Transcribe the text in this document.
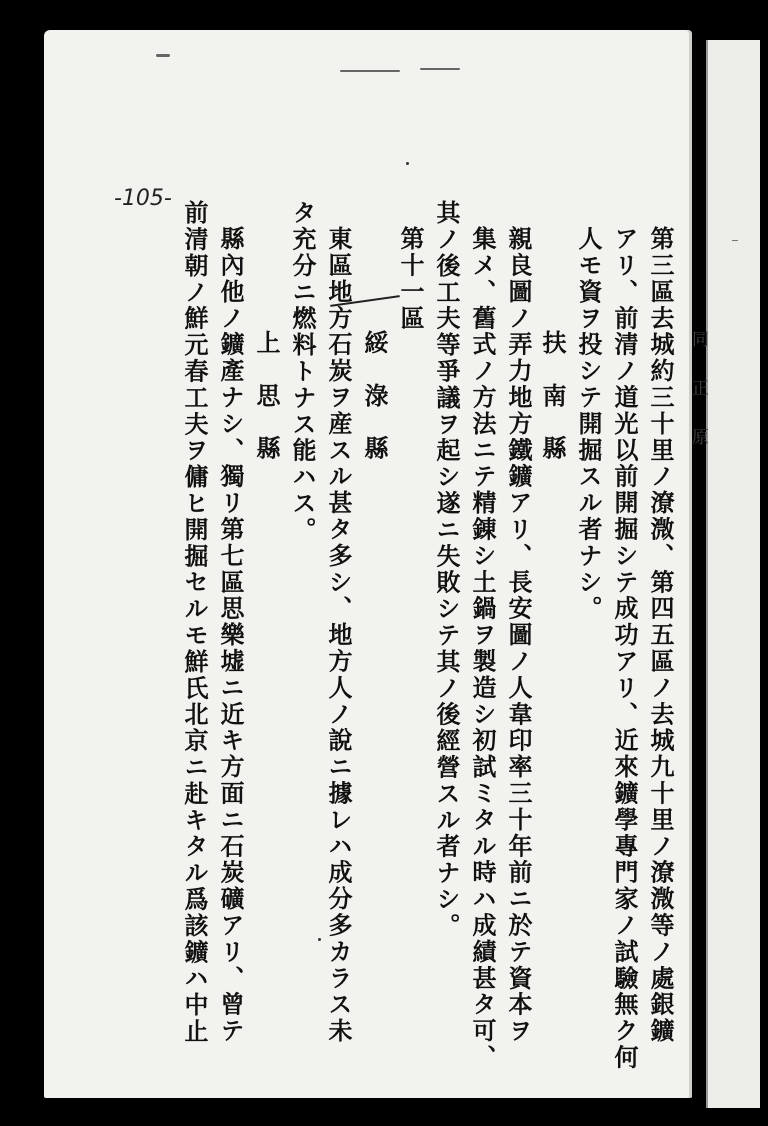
同 正 原
-105-
第三區去城約三十里ノ潦溦、第四五區ノ去城九十里ノ潦溦等ノ處銀鑛
アリ、前清ノ道光以前開掘シテ成功アリ、近來鑛學專門家ノ試驗無ク何
人モ資ヲ投シテ開掘スル者ナシ。
扶　南　縣
親良圖ノ弄力地方鐵鑛アリ、長安圖ノ人韋印率三十年前ニ於テ資本ヲ
集メ、舊式ノ方法ニテ精錬シ土鍋ヲ製造シ初試ミタル時ハ成績甚タ可、
其ノ後工夫等爭議ヲ起シ遂ニ失敗シテ其ノ後經營スル者ナシ。
第十一區
綏　淥　縣
東區地方石炭ヲ産スル甚タ多シ、地方人ノ說ニ據レハ成分多カラス未
タ充分ニ燃料トナス能ハス。
上　思　縣
縣內他ノ鑛產ナシ、獨リ第七區思樂墟ニ近キ方面ニ石炭礦アリ、曾テ
前清朝ノ鮮元春工夫ヲ傭ヒ開掘セルモ鮮氏北京ニ赴キタル爲該鑛ハ中止
